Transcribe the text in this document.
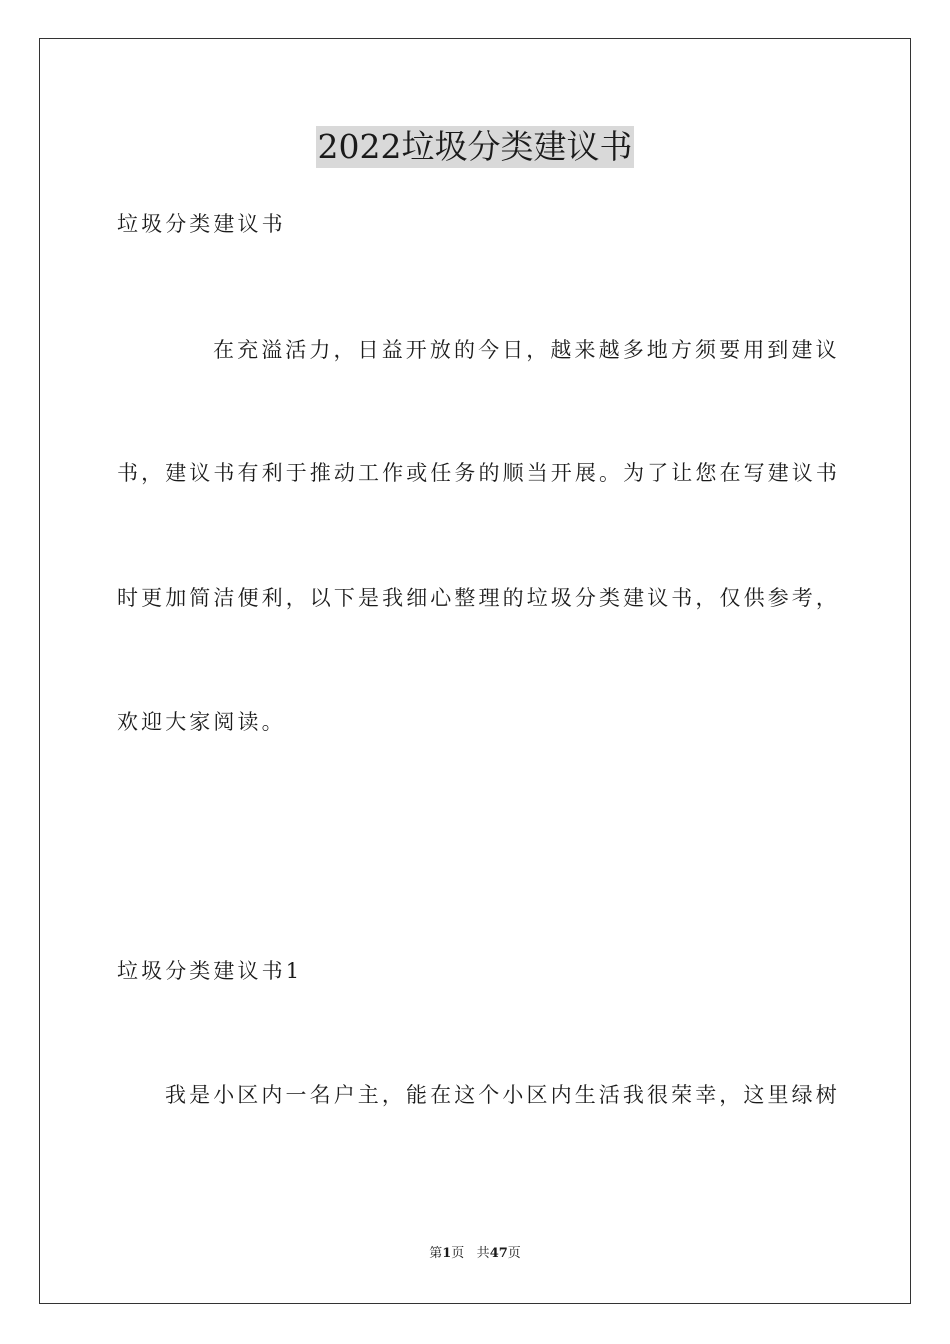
2022垃圾分类建议书
垃圾分类建议书
在充溢活力，日益开放的今日，越来越多地方须要用到建议
书，建议书有利于推动工作或任务的顺当开展。为了让您在写建议书
时更加简洁便利，以下是我细心整理的垃圾分类建议书，仅供参考，
欢迎大家阅读。
垃圾分类建议书1
我是小区内一名户主，能在这个小区内生活我很荣幸，这里绿树
第1页 共47页
